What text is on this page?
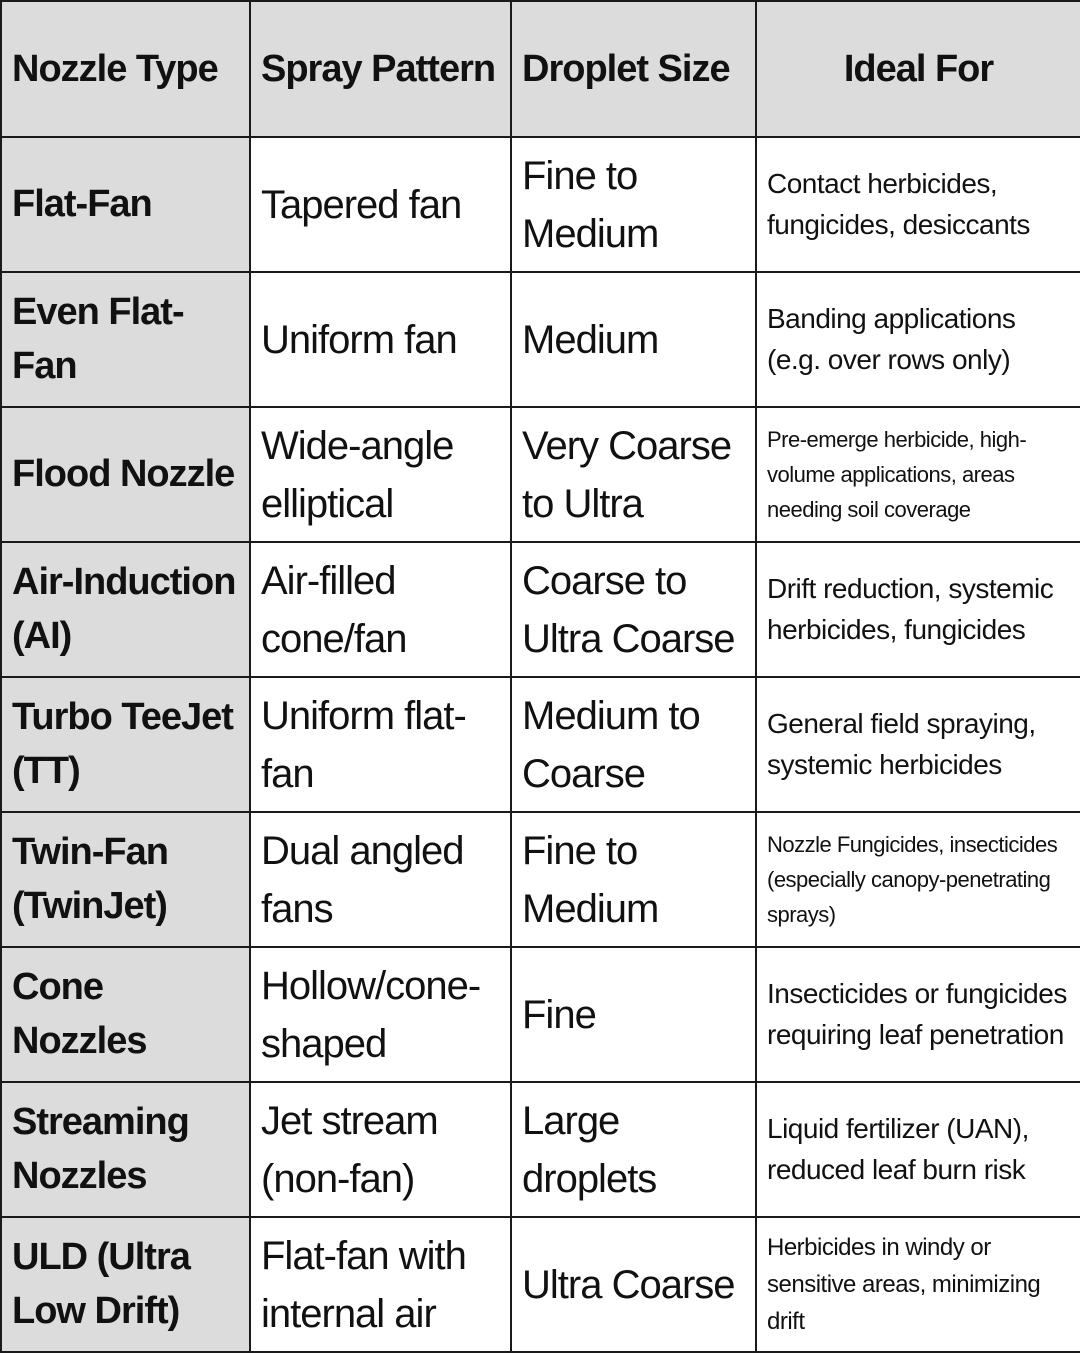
Nozzle Type	Spray Pattern	Droplet Size	Ideal For
Flat-Fan	Tapered fan	Fine to Medium	Contact herbicides, fungicides, desiccants
Even Flat-Fan	Uniform fan	Medium	Banding applications (e.g. over rows only)
Flood Nozzle	Wide-angle elliptical	Very Coarse to Ultra	Pre-emerge herbicide, high-volume applications, areas needing soil coverage
Air-Induction (AI)	Air-filled cone/fan	Coarse to Ultra Coarse	Drift reduction, systemic herbicides, fungicides
Turbo TeeJet (TT)	Uniform flat-fan	Medium to Coarse	General field spraying, systemic herbicides
Twin-Fan (TwinJet)	Dual angled fans	Fine to Medium	Nozzle Fungicides, insecticides (especially canopy-penetrating sprays)
Cone Nozzles	Hollow/cone-shaped	Fine	Insecticides or fungicides requiring leaf penetration
Streaming Nozzles	Jet stream (non-fan)	Large droplets	Liquid fertilizer (UAN), reduced leaf burn risk
ULD (Ultra Low Drift)	Flat-fan with internal air	Ultra Coarse	Herbicides in windy or sensitive areas, minimizing drift
